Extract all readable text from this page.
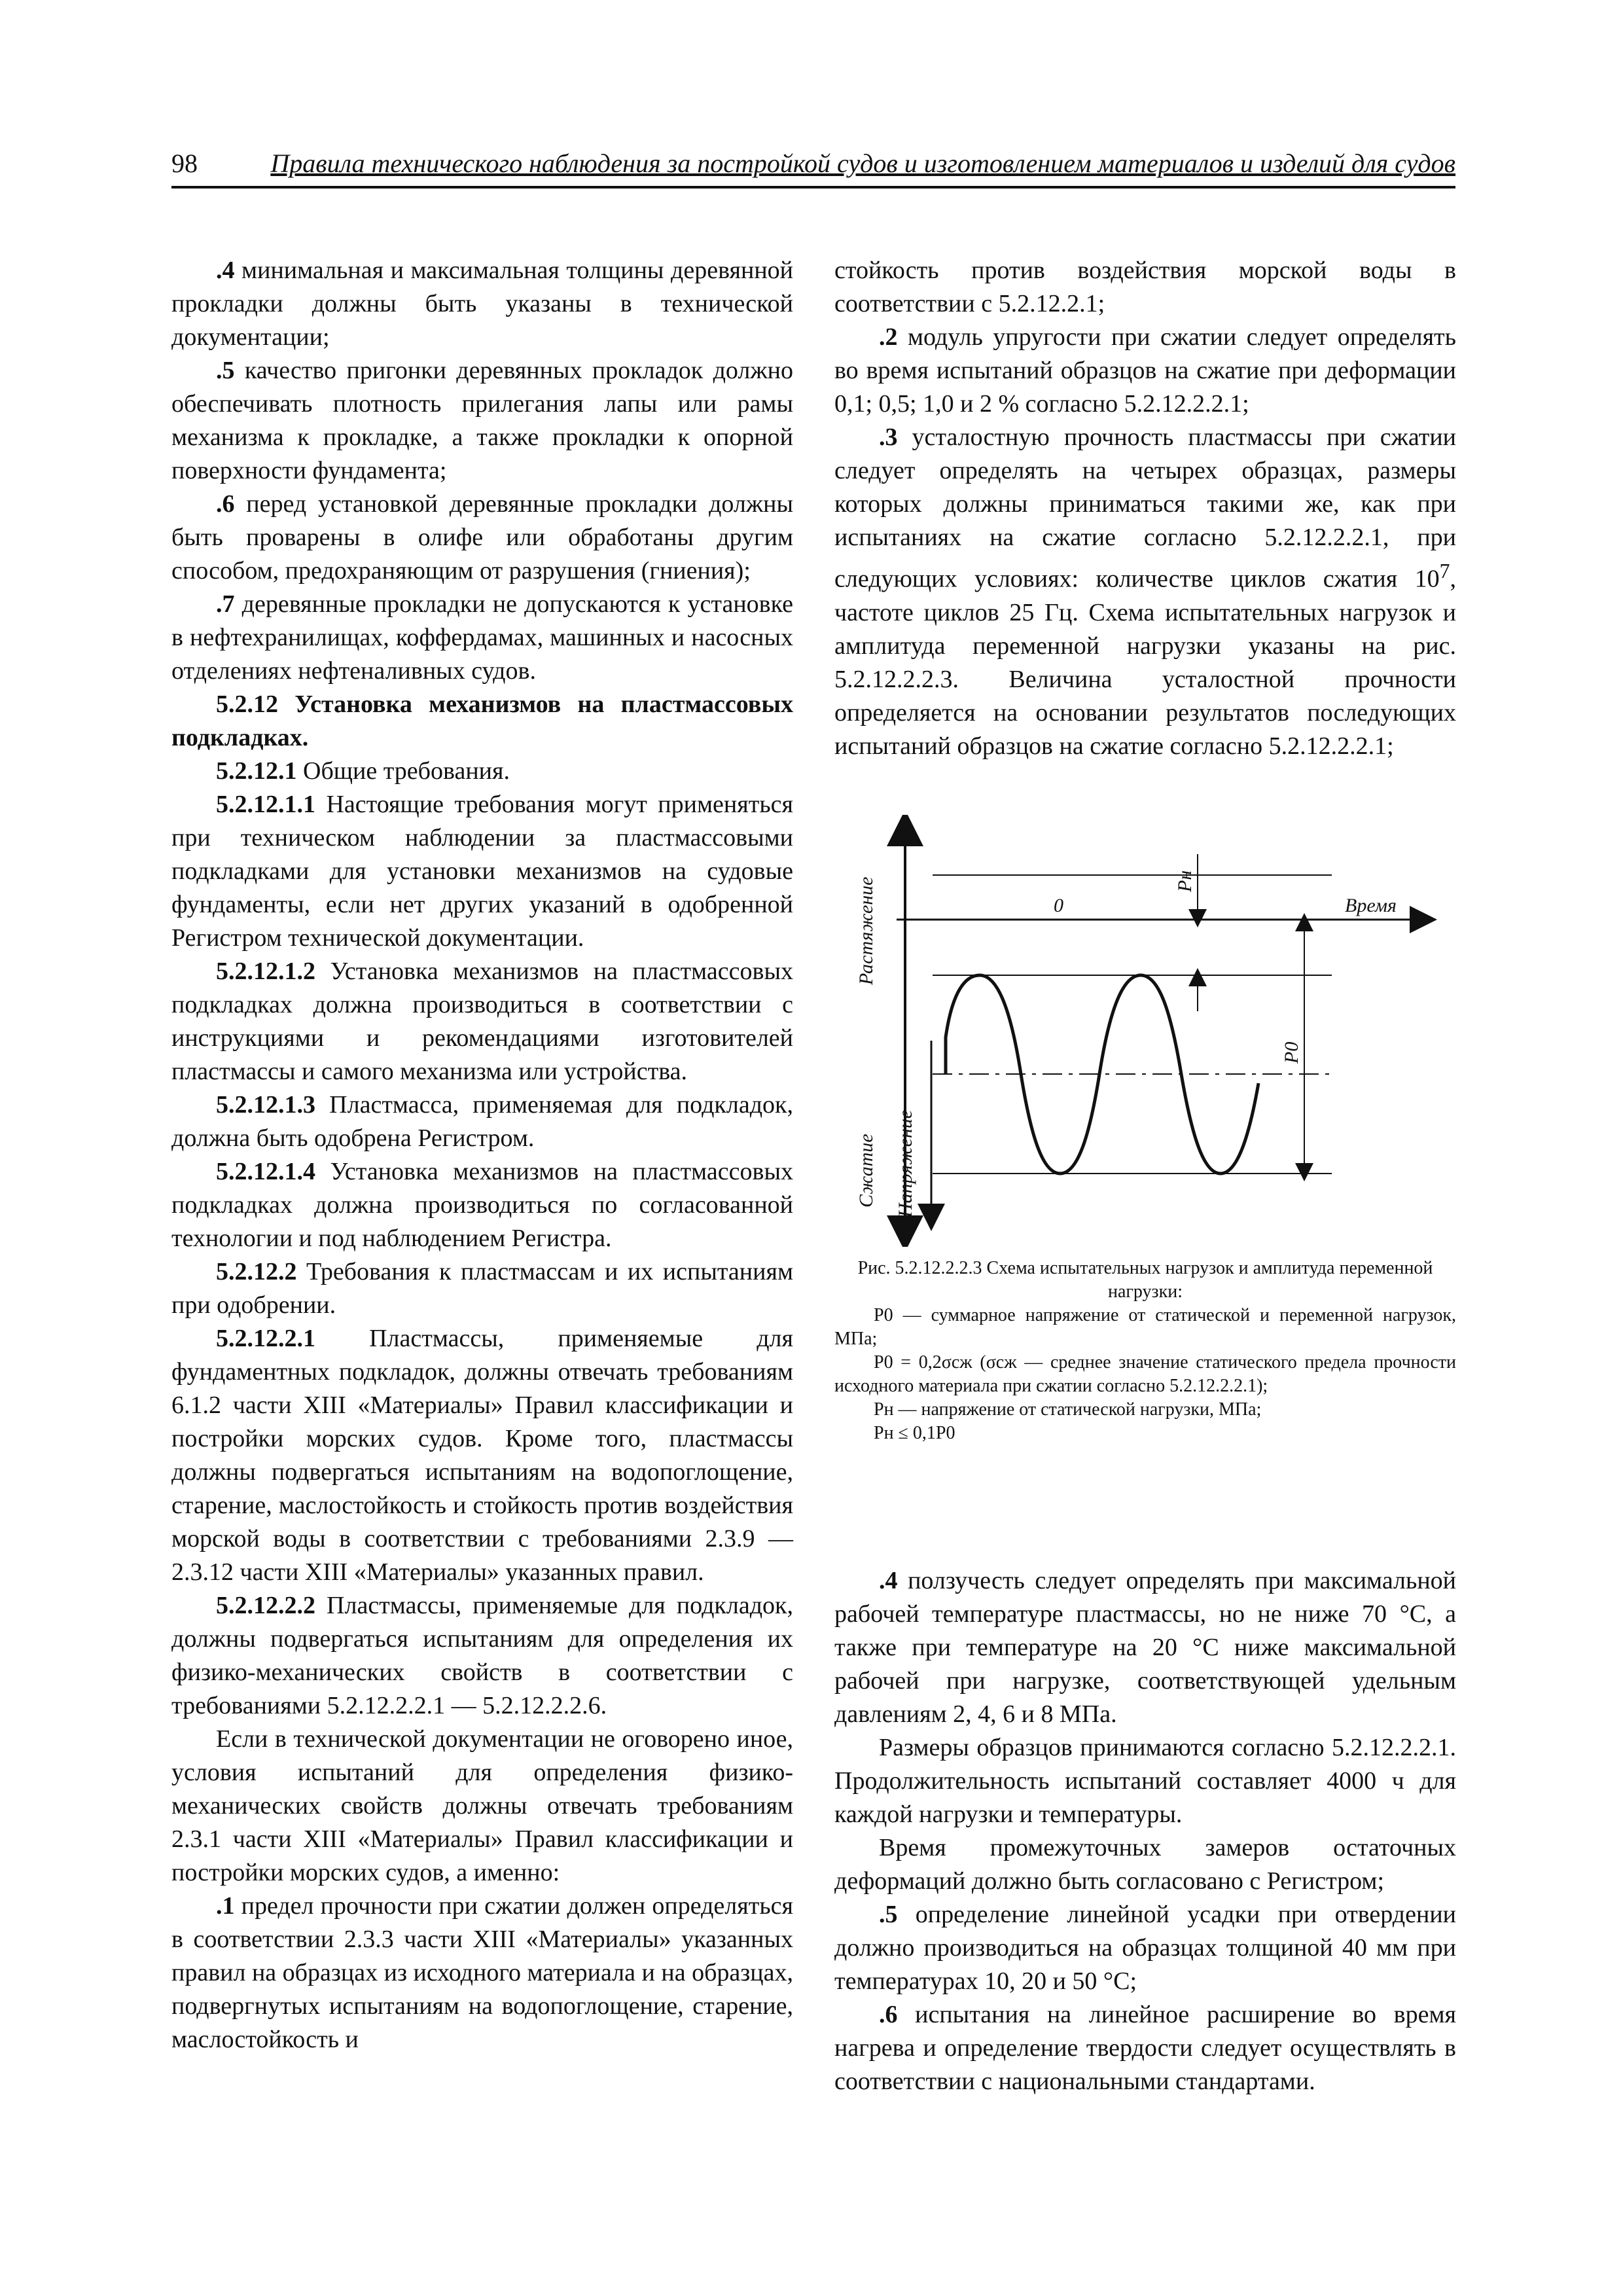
98	Правила технического наблюдения за постройкой судов и изготовлением материалов и изделий для судов

.4 минимальная и максимальная толщины деревянной прокладки должны быть указаны в технической документации;

.5 качество пригонки деревянных прокладок должно обеспечивать плотность прилегания лапы или рамы механизма к прокладке, а также прокладки к опорной поверхности фундамента;

.6 перед установкой деревянные прокладки должны быть проварены в олифе или обработаны другим способом, предохраняющим от разрушения (гниения);

.7 деревянные прокладки не допускаются к установке в нефтехранилищах, коффердамах, машинных и насосных отделениях нефтеналивных судов.

5.2.12 Установка механизмов на пластмассовых подкладках.

5.2.12.1 Общие требования.

5.2.12.1.1 Настоящие требования могут применяться при техническом наблюдении за пластмассовыми подкладками для установки механизмов на судовые фундаменты, если нет других указаний в одобренной Регистром технической документации.

5.2.12.1.2 Установка механизмов на пластмассовых подкладках должна производиться в соответствии с инструкциями и рекомендациями изготовителей пластмассы и самого механизма или устройства.

5.2.12.1.3 Пластмасса, применяемая для подкладок, должна быть одобрена Регистром.

5.2.12.1.4 Установка механизмов на пластмассовых подкладках должна производиться по согласованной технологии и под наблюдением Регистра.

5.2.12.2 Требования к пластмассам и их испытаниям при одобрении.

5.2.12.2.1 Пластмассы, применяемые для фундаментных подкладок, должны отвечать требованиям 6.1.2 части XIII «Материалы» Правил классификации и постройки морских судов. Кроме того, пластмассы должны подвергаться испытаниям на водопоглощение, старение, маслостойкость и стойкость против воздействия морской воды в соответствии с требованиями 2.3.9 — 2.3.12 части XIII «Материалы» указанных правил.

5.2.12.2.2 Пластмассы, применяемые для подкладок, должны подвергаться испытаниям для определения их физико-механических свойств в соответствии с требованиями 5.2.12.2.2.1 — 5.2.12.2.2.6.

Если в технической документации не оговорено иное, условия испытаний для определения физико-механических свойств должны отвечать требованиям 2.3.1 части XIII «Материалы» Правил классификации и постройки морских судов, а именно:

.1 предел прочности при сжатии должен определяться в соответствии 2.3.3 части XIII «Материалы» указанных правил на образцах из исходного материала и на образцах, подвергнутых испытаниям на водопоглощение, старение, маслостойкость и

стойкость против воздействия морской воды в соответствии с 5.2.12.2.1;

.2 модуль упругости при сжатии следует определять во время испытаний образцов на сжатие при деформации 0,1; 0,5; 1,0 и 2 % согласно 5.2.12.2.2.1;

.3 усталостную прочность пластмассы при сжатии следует определять на четырех образцах, размеры которых должны приниматься такими же, как при испытаниях на сжатие согласно 5.2.12.2.2.1, при следующих условиях: количестве циклов сжатия $10^7$, частоте циклов 25 Гц. Схема испытательных нагрузок и амплитуда переменной нагрузки указаны на рис. 5.2.12.2.2.3. Величина усталостной прочности определяется на основании результатов последующих испытаний образцов на сжатие согласно 5.2.12.2.2.1;

Растяжение
Сжатие Напряжение
0	Время
Pн
P0

Рис. 5.2.12.2.2.3 Схема испытательных нагрузок и амплитуда переменной нагрузки:

P0 — суммарное напряжение от статической и переменной нагрузок, МПа;

P0 = 0,2σсж (σсж — среднее значение статического предела прочности исходного материала при сжатии согласно 5.2.12.2.2.1);

Pн — напряжение от статической нагрузки, МПа;

Pн ≤ 0,1P0

.4 ползучесть следует определять при максимальной рабочей температуре пластмассы, но не ниже 70 °С, а также при температуре на 20 °С ниже максимальной рабочей при нагрузке, соответствующей удельным давлениям 2, 4, 6 и 8 МПа.

Размеры образцов принимаются согласно 5.2.12.2.2.1. Продолжительность испытаний составляет 4000 ч для каждой нагрузки и температуры.

Время промежуточных замеров остаточных деформаций должно быть согласовано с Регистром;

.5 определение линейной усадки при отвердении должно производиться на образцах толщиной 40 мм при температурах 10, 20 и 50 °С;

.6 испытания на линейное расширение во время нагрева и определение твердости следует осуществлять в соответствии с национальными стандартами.
